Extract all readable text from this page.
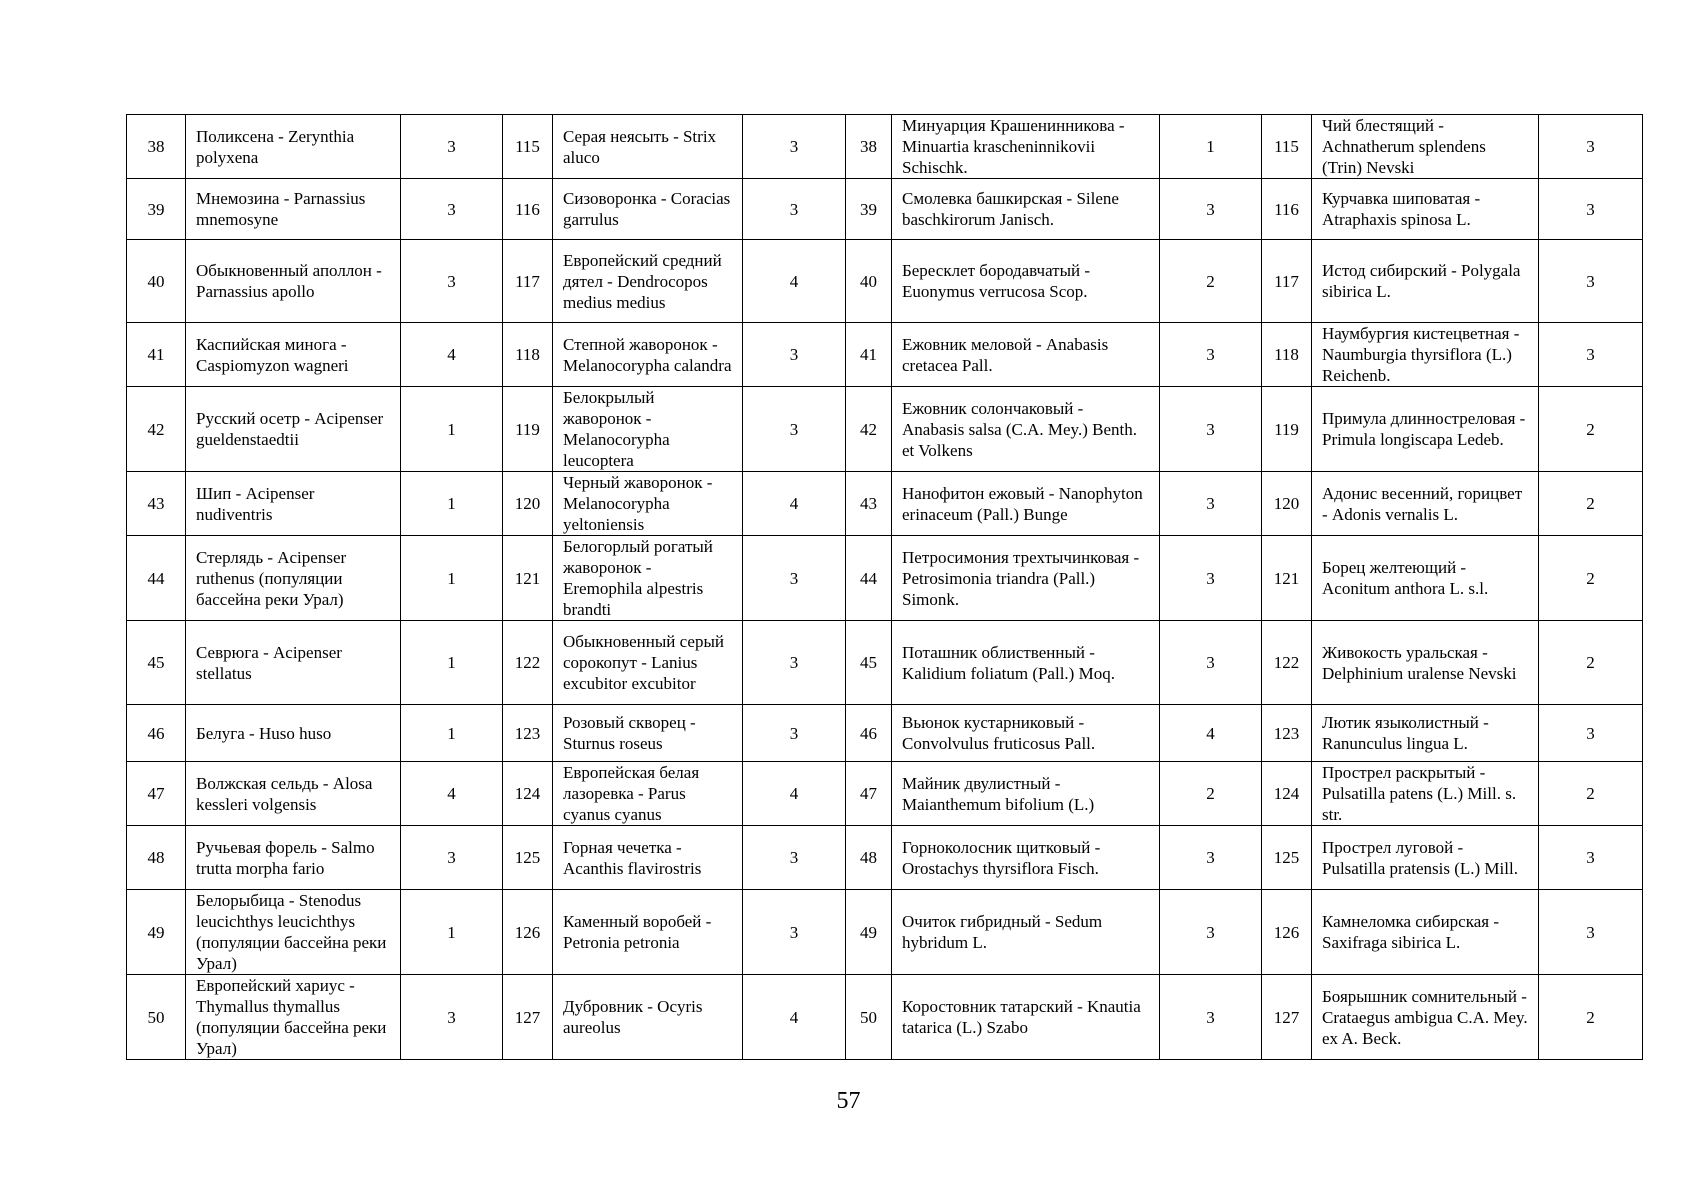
38	Поликсена - Zerynthia polyxena	3	115	Серая неясыть - Strix aluco	3	38	Минуарция Крашенинникова - Minuartia krascheninnikovii Schischk.	1	115	Чий блестящий - Achnatherum splendens (Trin) Nevski	3
39	Мнемозина - Parnassius mnemosyne	3	116	Сизоворонка - Coracias garrulus	3	39	Смолевка башкирская - Silene baschkirorum Janisch.	3	116	Курчавка шиповатая - Atraphaxis spinosa L.	3
40	Обыкновенный аполлон - Parnassius apollo	3	117	Европейский средний дятел - Dendrocopos medius medius	4	40	Бересклет бородавчатый - Euonymus verrucosa Scop.	2	117	Истод сибирский - Polygala sibirica L.	3
41	Каспийская минога - Caspiomyzon wagneri	4	118	Степной жаворонок - Melanocorypha calandra	3	41	Ежовник меловой - Anabasis cretacea Pall.	3	118	Наумбургия кистецветная - Naumburgia thyrsiflora (L.) Reichenb.	3
42	Русский осетр - Acipenser gueldenstaedtii	1	119	Белокрылый жаворонок - Melanocorypha leucoptera	3	42	Ежовник солончаковый - Anabasis salsa (C.A. Mey.) Benth. et Volkens	3	119	Примула длинностреловая - Primula longiscapa Ledeb.	2
43	Шип - Acipenser nudiventris	1	120	Черный жаворонок - Melanocorypha yeltoniensis	4	43	Нанофитон ежовый - Nanophyton erinaceum (Pall.) Bunge	3	120	Адонис весенний, горицвет - Adonis vernalis L.	2
44	Стерлядь - Acipenser ruthenus (популяции бассейна реки Урал)	1	121	Белогорлый рогатый жаворонок - Eremophila alpestris brandti	3	44	Петросимония трехтычинковая - Petrosimonia triandra (Pall.) Simonk.	3	121	Борец желтеющий - Aconitum anthora L. s.l.	2
45	Севрюга - Acipenser stellatus	1	122	Обыкновенный серый сорокопут - Lanius excubitor excubitor	3	45	Поташник облиственный - Kalidium foliatum (Pall.) Moq.	3	122	Живокость уральская - Delphinium uralense Nevski	2
46	Белуга - Huso huso	1	123	Розовый скворец - Sturnus roseus	3	46	Вьюнок кустарниковый - Convolvulus fruticosus Pall.	4	123	Лютик языколистный - Ranunculus lingua L.	3
47	Волжская сельдь - Alosa kessleri volgensis	4	124	Европейская белая лазоревка - Parus cyanus cyanus	4	47	Майник двулистный - Maianthemum bifolium (L.)	2	124	Прострел раскрытый - Pulsatilla patens (L.) Mill. s. str.	2
48	Ручьевая форель - Salmo trutta morpha fario	3	125	Горная чечетка - Acanthis flavirostris	3	48	Горноколосник щитковый - Orostachys thyrsiflora Fisch.	3	125	Прострел луговой - Pulsatilla pratensis (L.) Mill.	3
49	Белорыбица - Stenodus leucichthys leucichthys (популяции бассейна реки Урал)	1	126	Каменный воробей - Petronia petronia	3	49	Очиток гибридный - Sedum hybridum L.	3	126	Камнеломка сибирская - Saxifraga sibirica L.	3
50	Европейский хариус - Thymallus thymallus (популяции бассейна реки Урал)	3	127	Дубровник - Ocyris aureolus	4	50	Коростовник татарский - Knautia tatarica (L.) Szabo	3	127	Боярышник сомнительный - Crataegus ambigua C.A. Mey. ex A. Beck.	2
57
